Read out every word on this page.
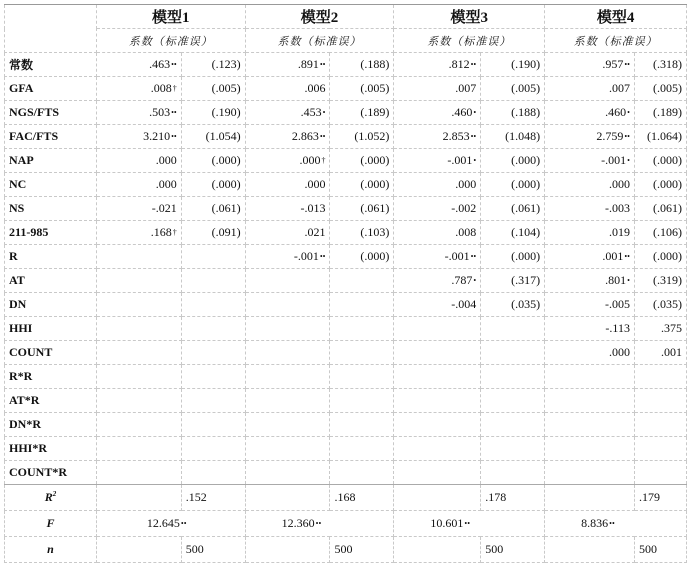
	模型1		模型2		模型3		模型4	
	系数（标准误）		系数（标准误）		系数（标准误）		系数（标准误）	
常数	.463••	(.123)	.891••	(.188)	.812••	(.190)	.957••	(.318)
GFA	.008†	(.005)	.006	(.005)	.007	(.005)	.007	(.005)
NGS/FTS	.503••	(.190)	.453•	(.189)	.460•	(.188)	.460•	(.189)
FAC/FTS	3.210••	(1.054)	2.863••	(1.052)	2.853••	(1.048)	2.759••	(1.064)
NAP	.000	(.000)	.000†	(.000)	-.001•	(.000)	-.001•	(.000)
NC	.000	(.000)	.000	(.000)	.000	(.000)	.000	(.000)
NS	-.021	(.061)	-.013	(.061)	-.002	(.061)	-.003	(.061)
211-985	.168†	(.091)	.021	(.103)	.008	(.104)	.019	(.106)
R			-.001••	(.000)	-.001••	(.000)	.001••	(.000)
AT					.787•	(.317)	.801•	(.319)
DN					-.004	(.035)	-.005	(.035)
HHI							-.113	.375
COUNT							.000	.001
R*R								
AT*R								
DN*R								
HHI*R								
COUNT*R								
$R^2$		.152		.168		.178		.179
F	12.645••		12.360••		10.601••		8.836••	
n		500		500		500		500
